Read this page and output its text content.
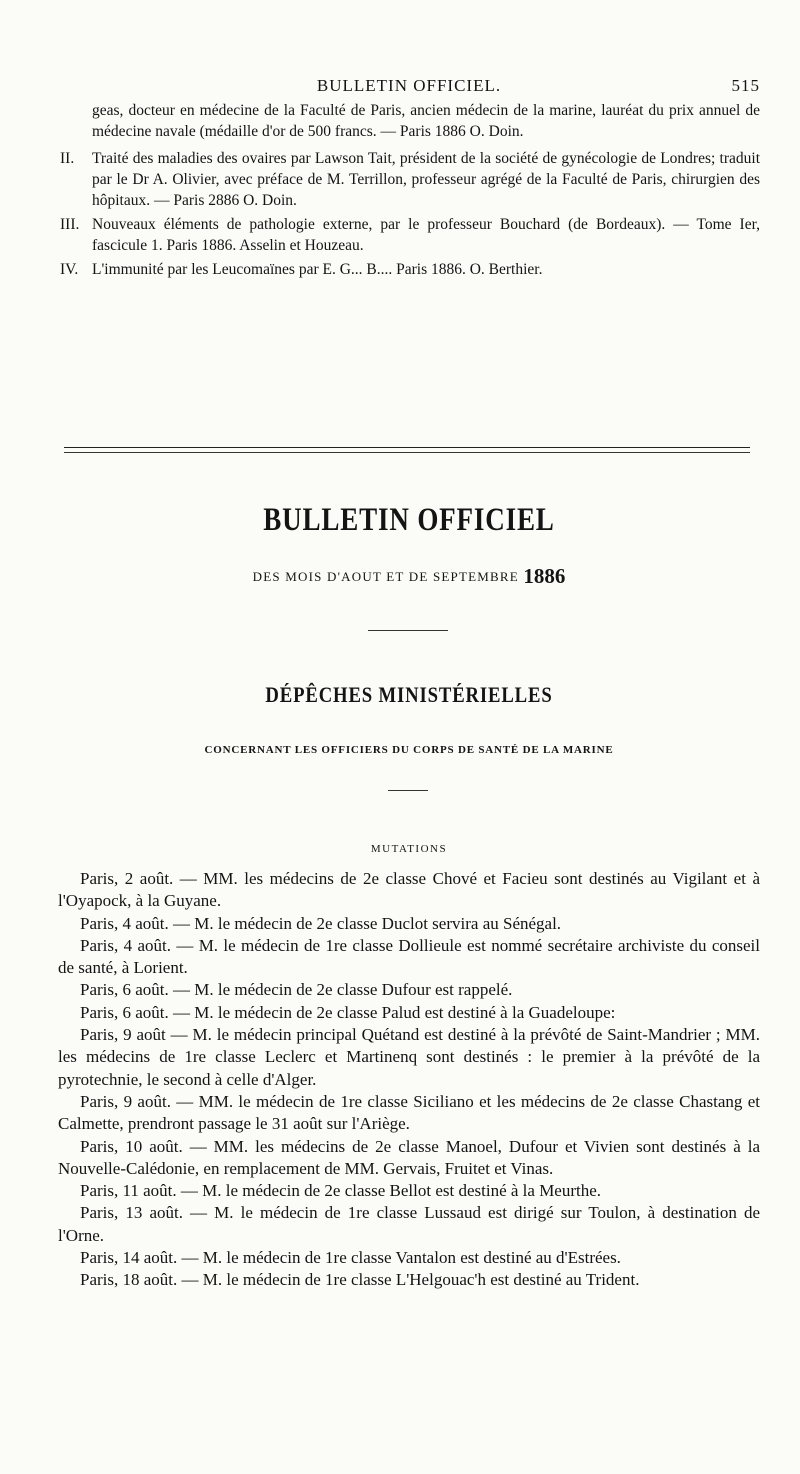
BULLETIN OFFICIEL.	515
geas, docteur en médecine de la Faculté de Paris, ancien médecin de la marine, lauréat du prix annuel de médecine navale (médaille d'or de 500 francs. — Paris 1886 O. Doin.
II. Traité des maladies des ovaires par Lawson Tait, président de la société de gynécologie de Londres; traduit par le Dr A. Olivier, avec préface de M. Terrillon, professeur agrégé de la Faculté de Paris, chirurgien des hôpitaux. — Paris 2886 O. Doin.
III. Nouveaux éléments de pathologie externe, par le professeur Bouchard (de Bordeaux). — Tome Ier, fascicule 1. Paris 1886. Asselin et Houzeau.
IV. L'immunité par les Leucomaïnes par E. G... B.... Paris 1886. O. Berthier.
BULLETIN OFFICIEL
DES MOIS D'AOUT ET DE SEPTEMBRE 1886
DÉPÊCHES MINISTÉRIELLES
CONCERNANT LES OFFICIERS DU CORPS DE SANTÉ DE LA MARINE
MUTATIONS

Paris, 2 août. — MM. les médecins de 2e classe Chové et Facieu sont destinés au Vigilant et à l'Oyapock, à la Guyane.

Paris, 4 août. — M. le médecin de 2e classe Duclot servira au Sénégal.

Paris, 4 août. — M. le médecin de 1re classe Dollieule est nommé secrétaire archiviste du conseil de santé, à Lorient.

Paris, 6 août. — M. le médecin de 2e classe Dufour est rappelé.

Paris, 6 août. — M. le médecin de 2e classe Palud est destiné à la Guadeloupe:

Paris, 9 août — M. le médecin principal Quétand est destiné à la prévôté de Saint-Mandrier ; MM. les médecins de 1re classe Leclerc et Martinenq sont destinés : le premier à la prévôté de la pyrotechnie, le second à celle d'Alger.

Paris, 9 août. — MM. le médecin de 1re classe Siciliano et les médecins de 2e classe Chastang et Calmette, prendront passage le 31 août sur l'Ariège.

Paris, 10 août. — MM. les médecins de 2e classe Manoel, Dufour et Vivien sont destinés à la Nouvelle-Calédonie, en remplacement de MM. Gervais, Fruitet et Vinas.

Paris, 11 août. — M. le médecin de 2e classe Bellot est destiné à la Meurthe.

Paris, 13 août. — M. le médecin de 1re classe Lussaud est dirigé sur Toulon, à destination de l'Orne.

Paris, 14 août. — M. le médecin de 1re classe Vantalon est destiné au d'Estrées.

Paris, 18 août. — M. le médecin de 1re classe L'Helgouac'h est destiné au Trident.
